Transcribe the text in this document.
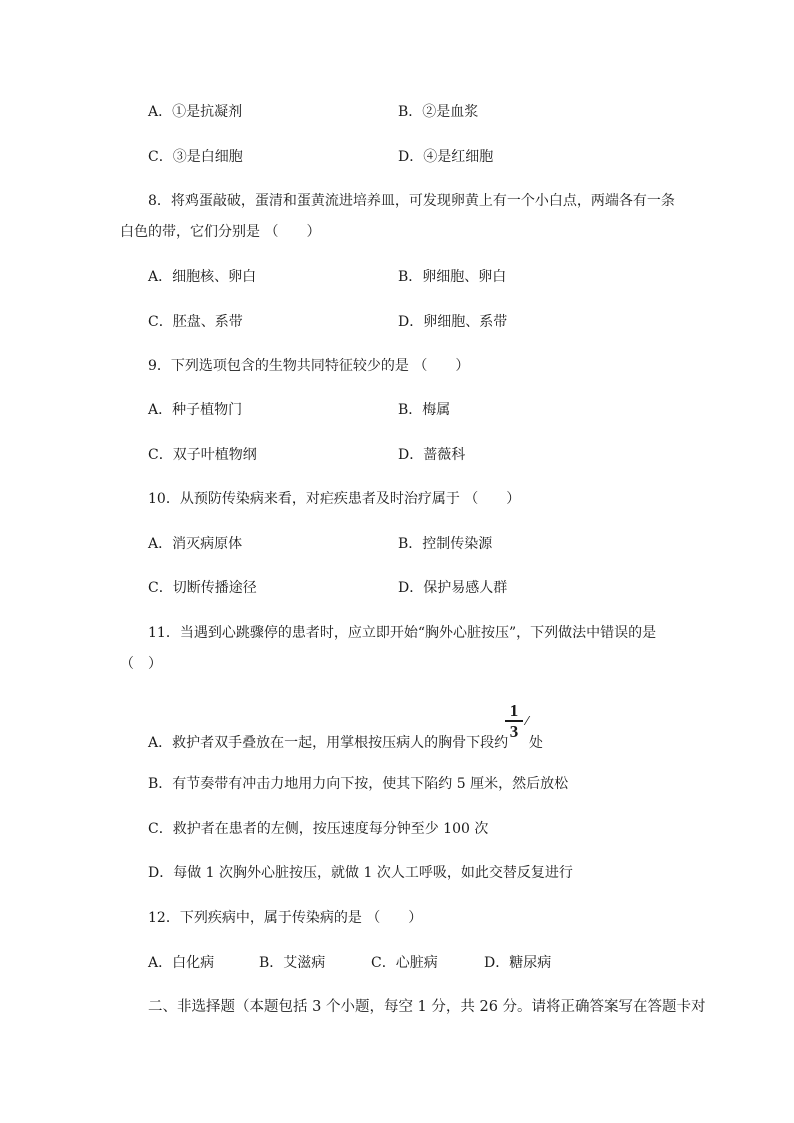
A．①是抗凝剂	B．②是血浆
C．③是白细胞	D．④是红细胞
8．将鸡蛋敲破，蛋清和蛋黄流进培养皿，可发现卵黄上有一个小白点，两端各有一条
白色的带，它们分别是 （　　）
A．细胞核、卵白	B．卵细胞、卵白
C．胚盘、系带	D．卵细胞、系带
9．下列选项包含的生物共同特征较少的是 （　　）
A．种子植物门	B．梅属
C．双子叶植物纲	D．蔷薇科
10．从预防传染病来看，对疟疾患者及时治疗属于 （　　）
A．消灭病原体	B．控制传染源
C．切断传播途径	D．保护易感人群
11．当遇到心跳骤停的患者时，应立即开始“胸外心脏按压”，下列做法中错误的是
（　）
A．救护者双手叠放在一起，用掌根按压病人的胸骨下段约
1
3
⁄
处
B．有节奏带有冲击力地用力向下按，使其下陷约 5 厘米，然后放松
C．救护者在患者的左侧，按压速度每分钟至少 100 次
D．每做 1 次胸外心脏按压，就做 1 次人工呼吸，如此交替反复进行
12．下列疾病中，属于传染病的是 （　　）
A．白化病	B．艾滋病	C．心脏病	D．糖尿病
二、非选择题（本题包括 3 个小题，每空 1 分，共 26 分。请将正确答案写在答题卡对
